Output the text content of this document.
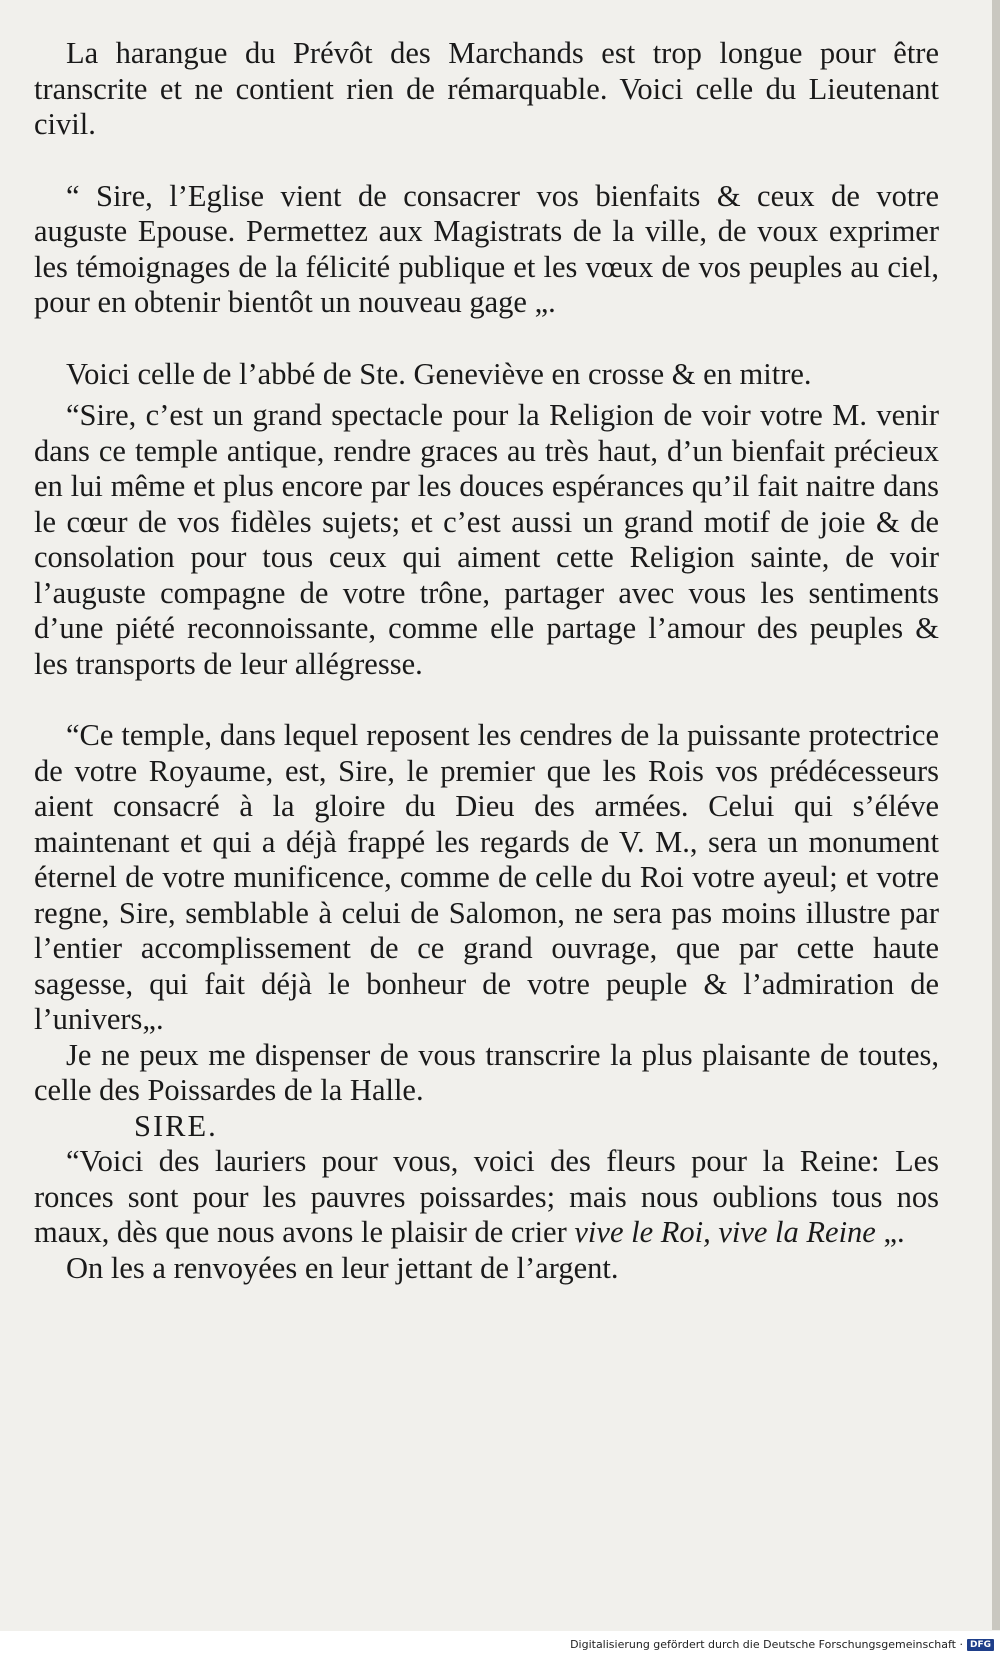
La harangue du Prévôt des Marchands est trop longue pour être transcrite et ne contient rien de rémarquable. Voici celle du Lieutenant civil.

“ Sire, l’Eglise vient de consacrer vos bienfaits & ceux de votre auguste Epouse. Permettez aux Magistrats de la ville, de voux exprimer les témoignages de la félicité publique et les vœux de vos peuples au ciel, pour en obtenir bientôt un nouveau gage „.

Voici celle de l’abbé de Ste. Geneviève en crosse & en mitre.

“Sire, c’est un grand spectacle pour la Religion de voir votre M. venir dans ce temple antique, rendre graces au très haut, d’un bienfait précieux en lui même et plus encore par les douces espérances qu’il fait naitre dans le cœur de vos fidèles sujets; et c’est aussi un grand motif de joie & de consolation pour tous ceux qui aiment cette Religion sainte, de voir l’auguste compagne de votre trône, partager avec vous les sentiments d’une piété reconnoissante, comme elle partage l’amour des peuples & les transports de leur allégresse.

“Ce temple, dans lequel reposent les cendres de la puissante protectrice de votre Royaume, est, Sire, le premier que les Rois vos prédécesseurs aient consacré à la gloire du Dieu des armées. Celui qui s’éléve maintenant et qui a déjà frappé les regards de V. M., sera un monument éternel de votre munificence, comme de celle du Roi votre ayeul; et votre regne, Sire, semblable à celui de Salomon, ne sera pas moins illustre par l’entier accomplissement de ce grand ouvrage, que par cette haute sagesse, qui fait déjà le bonheur de votre peuple & l’admiration de l’univers„.

Je ne peux me dispenser de vous transcrire la plus plaisante de toutes, celle des Poissardes de la Halle.

SIRE.

“Voici des lauriers pour vous, voici des fleurs pour la Reine: Les ronces sont pour les pauvres poissardes; mais nous oublions tous nos maux, dès que nous avons le plaisir de crier vive le Roi, vive la Reine „.

On les a renvoyées en leur jettant de l’argent.

Digitalisierung gefördert durch die Deutsche Forschungsgemeinschaft · DFG
